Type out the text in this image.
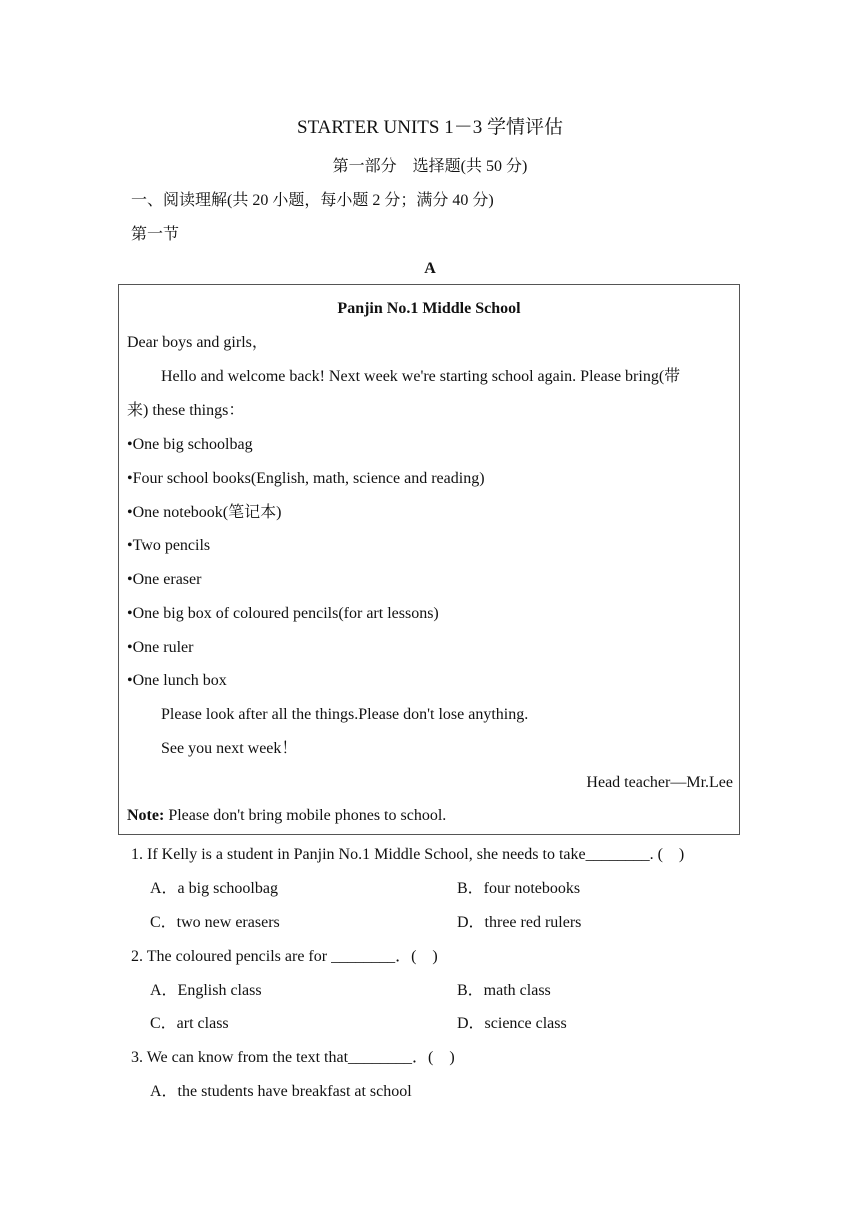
STARTER UNITS 1－3 学情评估
第一部分　选择题(共 50 分)
一、阅读理解(共 20 小题，每小题 2 分；满分 40 分)
第一节
A
Panjin No.1 Middle School
Dear boys and girls，
Hello and welcome back! Next week we're starting school again. Please bring(带
来) these things：
•One big schoolbag
•Four school books(English, math, science and reading)
•One notebook(笔记本)
•Two pencils
•One eraser
•One big box of coloured pencils(for art lessons)
•One ruler
•One lunch box
Please look after all the things.Please don't lose anything.
See you next week！
Head teacher—Mr.Lee
Note: Please don't bring mobile phones to school.
1. If Kelly is a student in Panjin No.1 Middle School, she needs to take________. (　)
A．a big schoolbag	B．four notebooks
C．two new erasers	D．three red rulers
2. The coloured pencils are for ________．(　)
A．English class	B．math class
C．art class	D．science class
3. We can know from the text that________．(　)
A．the students have breakfast at school
